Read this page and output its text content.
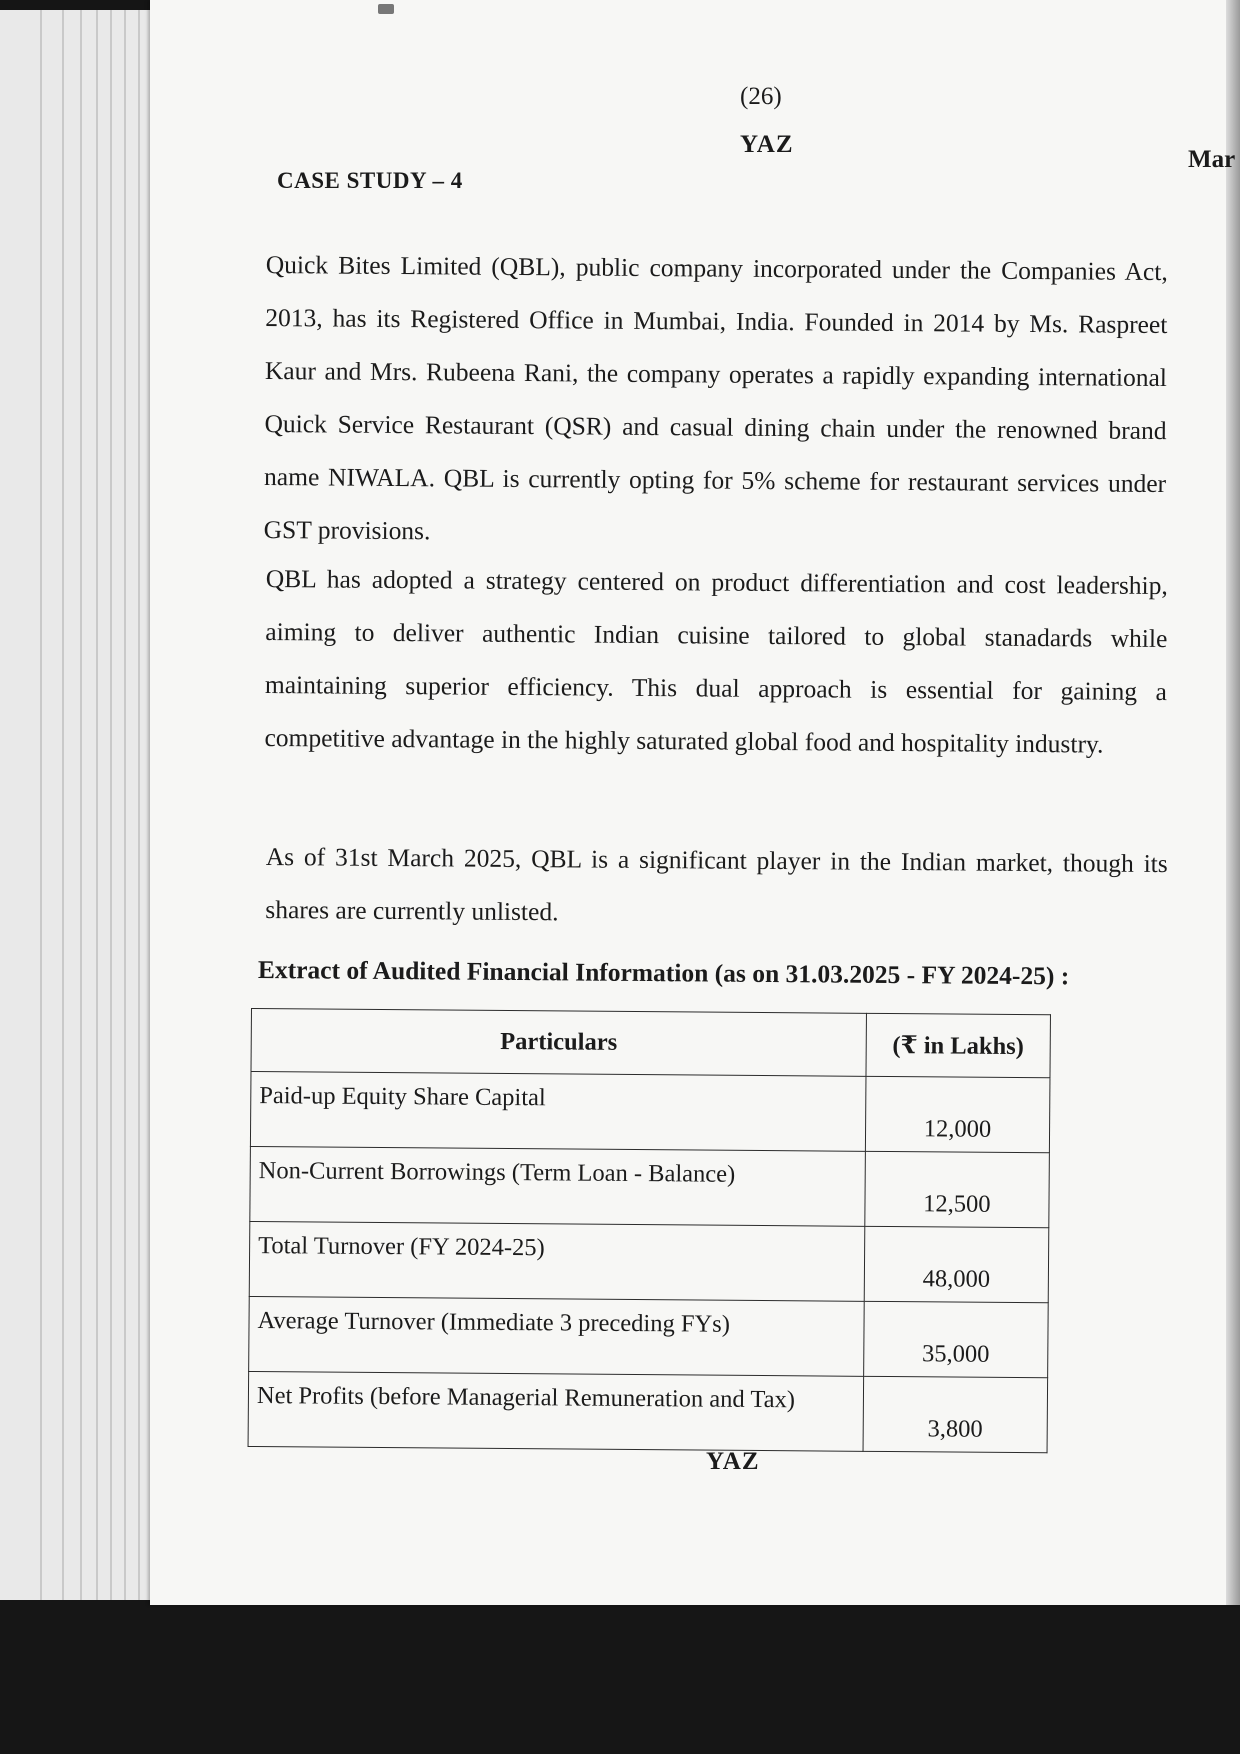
(26)
YAZ
Mar
CASE STUDY – 4

Quick Bites Limited (QBL), public company incorporated under the Companies Act, 2013, has its Registered Office in Mumbai, India. Founded in 2014 by Ms. Raspreet Kaur and Mrs. Rubeena Rani, the company operates a rapidly expanding international Quick Service Restaurant (QSR) and casual dining chain under the renowned brand name NIWALA. QBL is currently opting for 5% scheme for restaurant services under GST provisions.

QBL has adopted a strategy centered on product differentiation and cost leadership, aiming to deliver authentic Indian cuisine tailored to global stanadards while maintaining superior efficiency. This dual approach is essential for gaining a competitive advantage in the highly saturated global food and hospitality industry.

As of 31st March 2025, QBL is a significant player in the Indian market, though its shares are currently unlisted.

Extract of Audited Financial Information (as on 31.03.2025 - FY 2024-25) :
Particulars	(₹ in Lakhs)
Paid-up Equity Share Capital	12,000
Non-Current Borrowings (Term Loan - Balance)	12,500
Total Turnover (FY 2024-25)	48,000
Average Turnover (Immediate 3 preceding FYs)	35,000
Net Profits (before Managerial Remuneration and Tax)	3,800
YAZ
